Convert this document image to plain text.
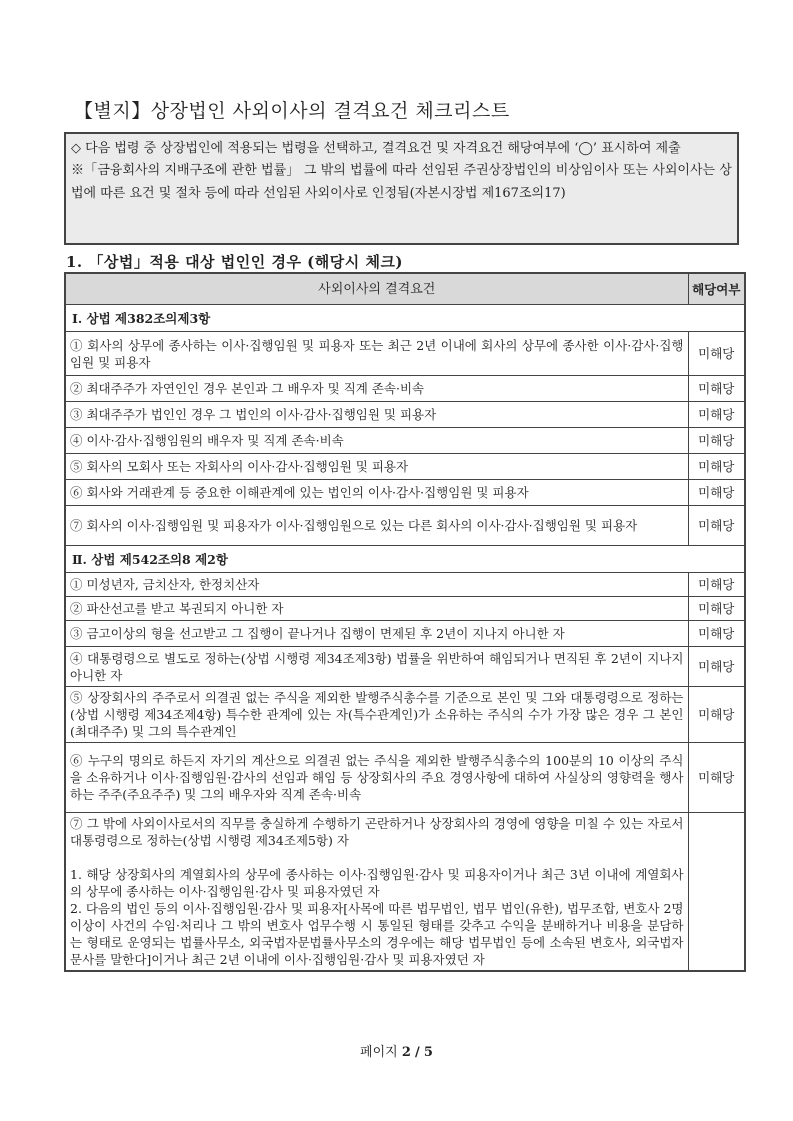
【별지】상장법인 사외이사의 결격요건 체크리스트

◇ 다음 법령 중 상장법인에 적용되는 법령을 선택하고, 결격요건 및 자격요건 해당여부에 ‘◯’ 표시하여 제출

※「금융회사의 지배구조에 관한 법률」 그 밖의 법률에 따라 선임된 주권상장법인의 비상임이사 또는 사외이사는 상법에 따른 요건 및 절차 등에 따라 선임된 사외이사로 인정됨(자본시장법 제167조의17)

1. 「상법」적용 대상 법인인 경우 (해당시 체크)
사외이사의 결격요건	해당여부
Ⅰ. 상법 제382조의제3항	
① 회사의 상무에 종사하는 이사·집행임원 및 피용자 또는 최근 2년 이내에 회사의 상무에 종사한 이사·감사·집행임원 및 피용자	미해당
② 최대주주가 자연인인 경우 본인과 그 배우자 및 직계 존속·비속	미해당
③ 최대주주가 법인인 경우 그 법인의 이사·감사·집행임원 및 피용자	미해당
④ 이사·감사·집행임원의 배우자 및 직계 존속·비속	미해당
⑤ 회사의 모회사 또는 자회사의 이사·감사·집행임원 및 피용자	미해당
⑥ 회사와 거래관계 등 중요한 이해관계에 있는 법인의 이사·감사·집행임원 및 피용자	미해당
⑦ 회사의 이사·집행임원 및 피용자가 이사·집행임원으로 있는 다른 회사의 이사·감사·집행임원 및 피용자	미해당
Ⅱ. 상법 제542조의8 제2항	
① 미성년자, 금치산자, 한정치산자	미해당
② 파산선고를 받고 복권되지 아니한 자	미해당
③ 금고이상의 형을 선고받고 그 집행이 끝나거나 집행이 면제된 후 2년이 지나지 아니한 자	미해당
④ 대통령령으로 별도로 정하는(상법 시행령 제34조제3항) 법률을 위반하여 해임되거나 면직된 후 2년이 지나지 아니한 자	미해당
⑤ 상장회사의 주주로서 의결권 없는 주식을 제외한 발행주식총수를 기준으로 본인 및 그와 대통령령으로 정하는(상법 시행령 제34조제4항) 특수한 관계에 있는 자(특수관계인)가 소유하는 주식의 수가 가장 많은 경우 그 본인(최대주주) 및 그의 특수관계인	미해당
⑥ 누구의 명의로 하든지 자기의 계산으로 의결권 없는 주식을 제외한 발행주식총수의 100분의 10 이상의 주식을 소유하거나 이사·집행임원·감사의 선임과 해임 등 상장회사의 주요 경영사항에 대하여 사실상의 영향력을 행사하는 주주(주요주주) 및 그의 배우자와 직계 존속·비속	미해당

⑦ 그 밖에 사외이사로서의 직무를 충실하게 수행하기 곤란하거나 상장회사의 경영에 영향을 미칠 수 있는 자로서 대통령령으로 정하는(상법 시행령 제34조제5항) 자
1. 해당 상장회사의 계열회사의 상무에 종사하는 이사·집행임원·감사 및 피용자이거나 최근 3년 이내에 계열회사의 상무에 종사하는 이사·집행임원·감사 및 피용자였던 자
2. 다음의 법인 등의 이사·집행임원·감사 및 피용자[사목에 따른 법무법인, 법무 법인(유한), 법무조합, 변호사 2명 이상이 사건의 수임·처리나 그 밖의 변호사 업무수행 시 통일된 형태를 갖추고 수익을 분배하거나 비용을 분담하는 형태로 운영되는 법률사무소, 외국법자문법률사무소의 경우에는 해당 법무법인 등에 소속된 변호사, 외국법자문사를 말한다]이거나 최근 2년 이내에 이사·집행임원·감사 및 피용자였던 자	

페이지 2 / 5
